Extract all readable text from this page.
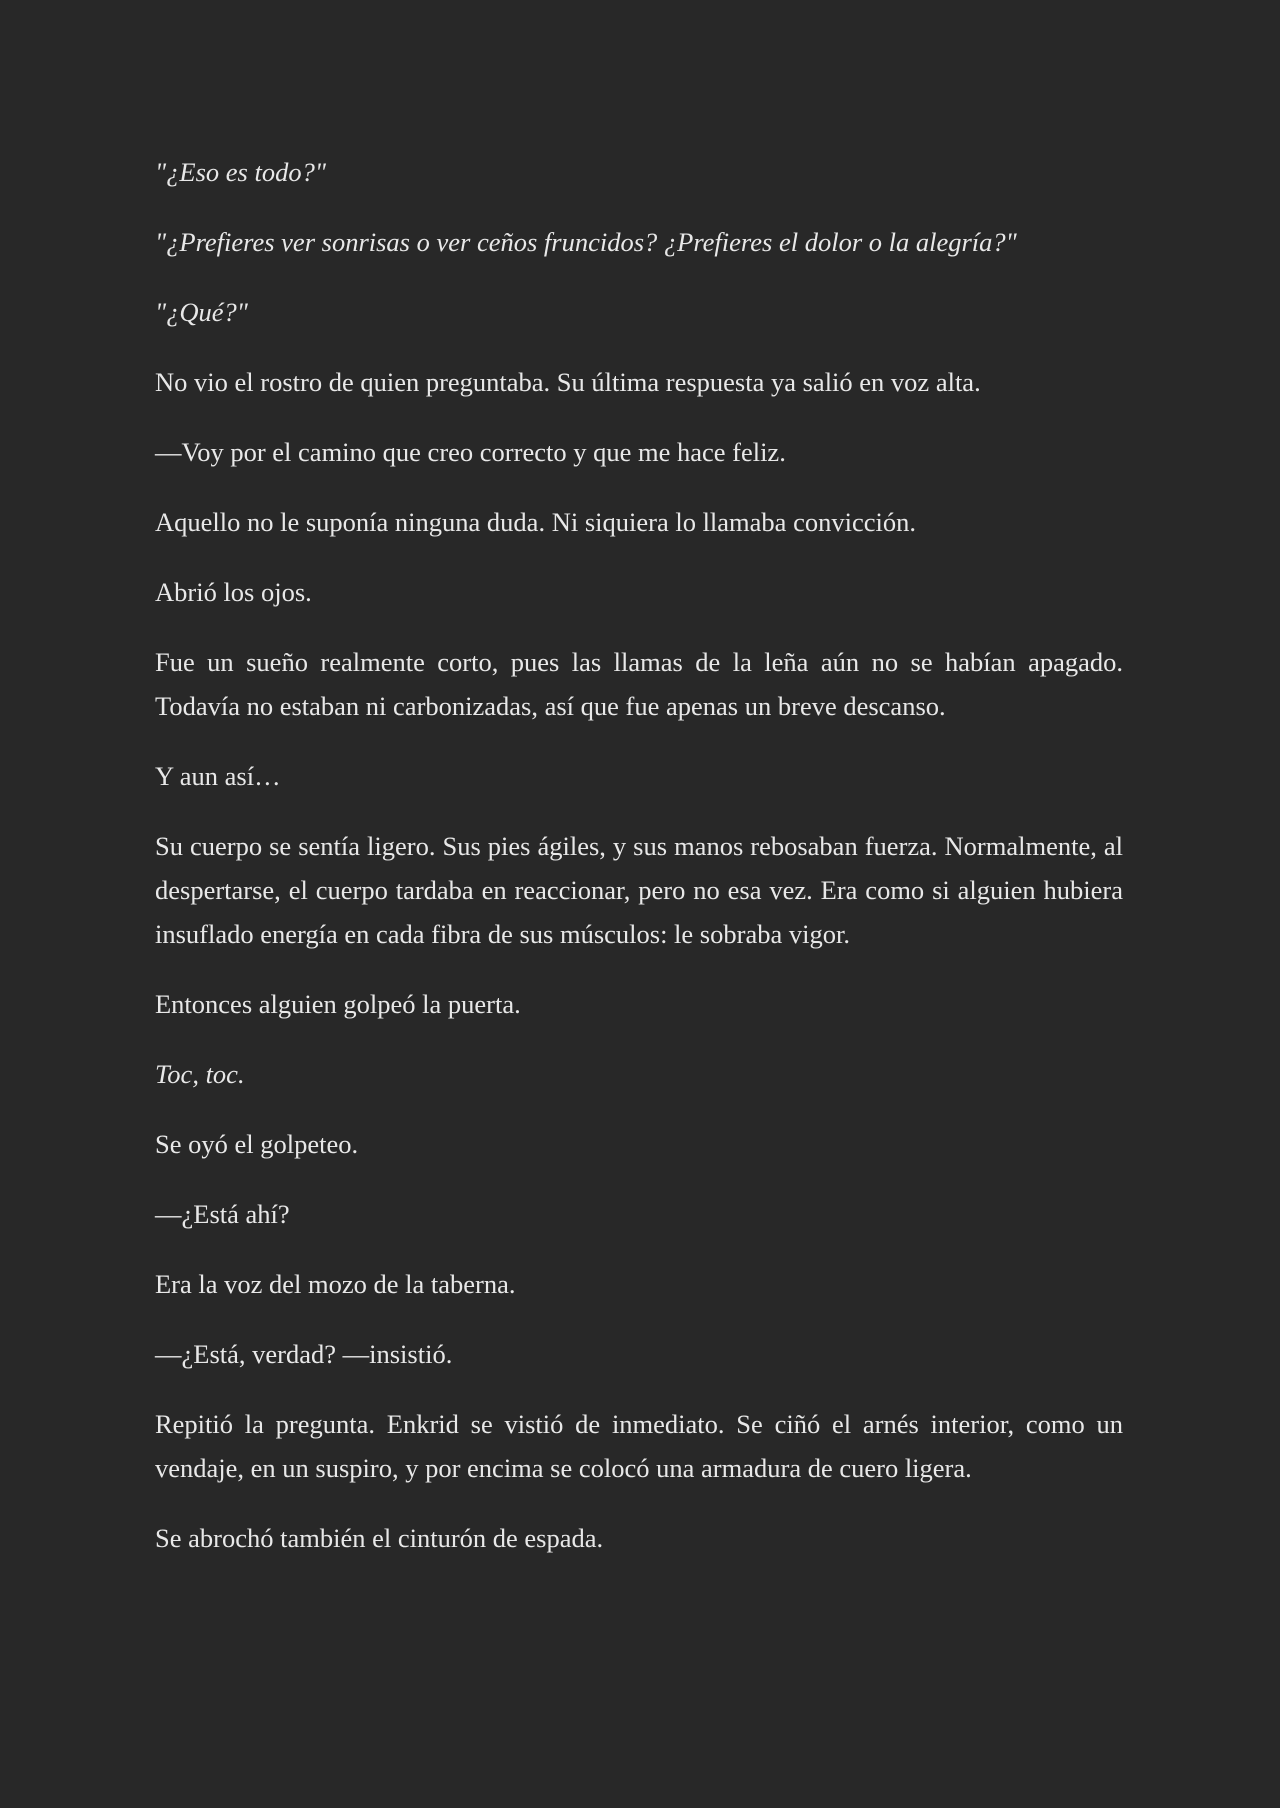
"¿Eso es todo?"

"¿Prefieres ver sonrisas o ver ceños fruncidos? ¿Prefieres el dolor o la alegría?"

"¿Qué?"

No vio el rostro de quien preguntaba. Su última respuesta ya salió en voz alta.

—Voy por el camino que creo correcto y que me hace feliz.

Aquello no le suponía ninguna duda. Ni siquiera lo llamaba convicción.

Abrió los ojos.

Fue un sueño realmente corto, pues las llamas de la leña aún no se habían apagado. Todavía no estaban ni carbonizadas, así que fue apenas un breve descanso.

Y aun así…

Su cuerpo se sentía ligero. Sus pies ágiles, y sus manos rebosaban fuerza. Normalmente, al despertarse, el cuerpo tardaba en reaccionar, pero no esa vez. Era como si alguien hubiera insuflado energía en cada fibra de sus músculos: le sobraba vigor.

Entonces alguien golpeó la puerta.

Toc, toc.

Se oyó el golpeteo.

—¿Está ahí?

Era la voz del mozo de la taberna.

—¿Está, verdad? —insistió.

Repitió la pregunta. Enkrid se vistió de inmediato. Se ciñó el arnés interior, como un vendaje, en un suspiro, y por encima se colocó una armadura de cuero ligera.

Se abrochó también el cinturón de espada.
